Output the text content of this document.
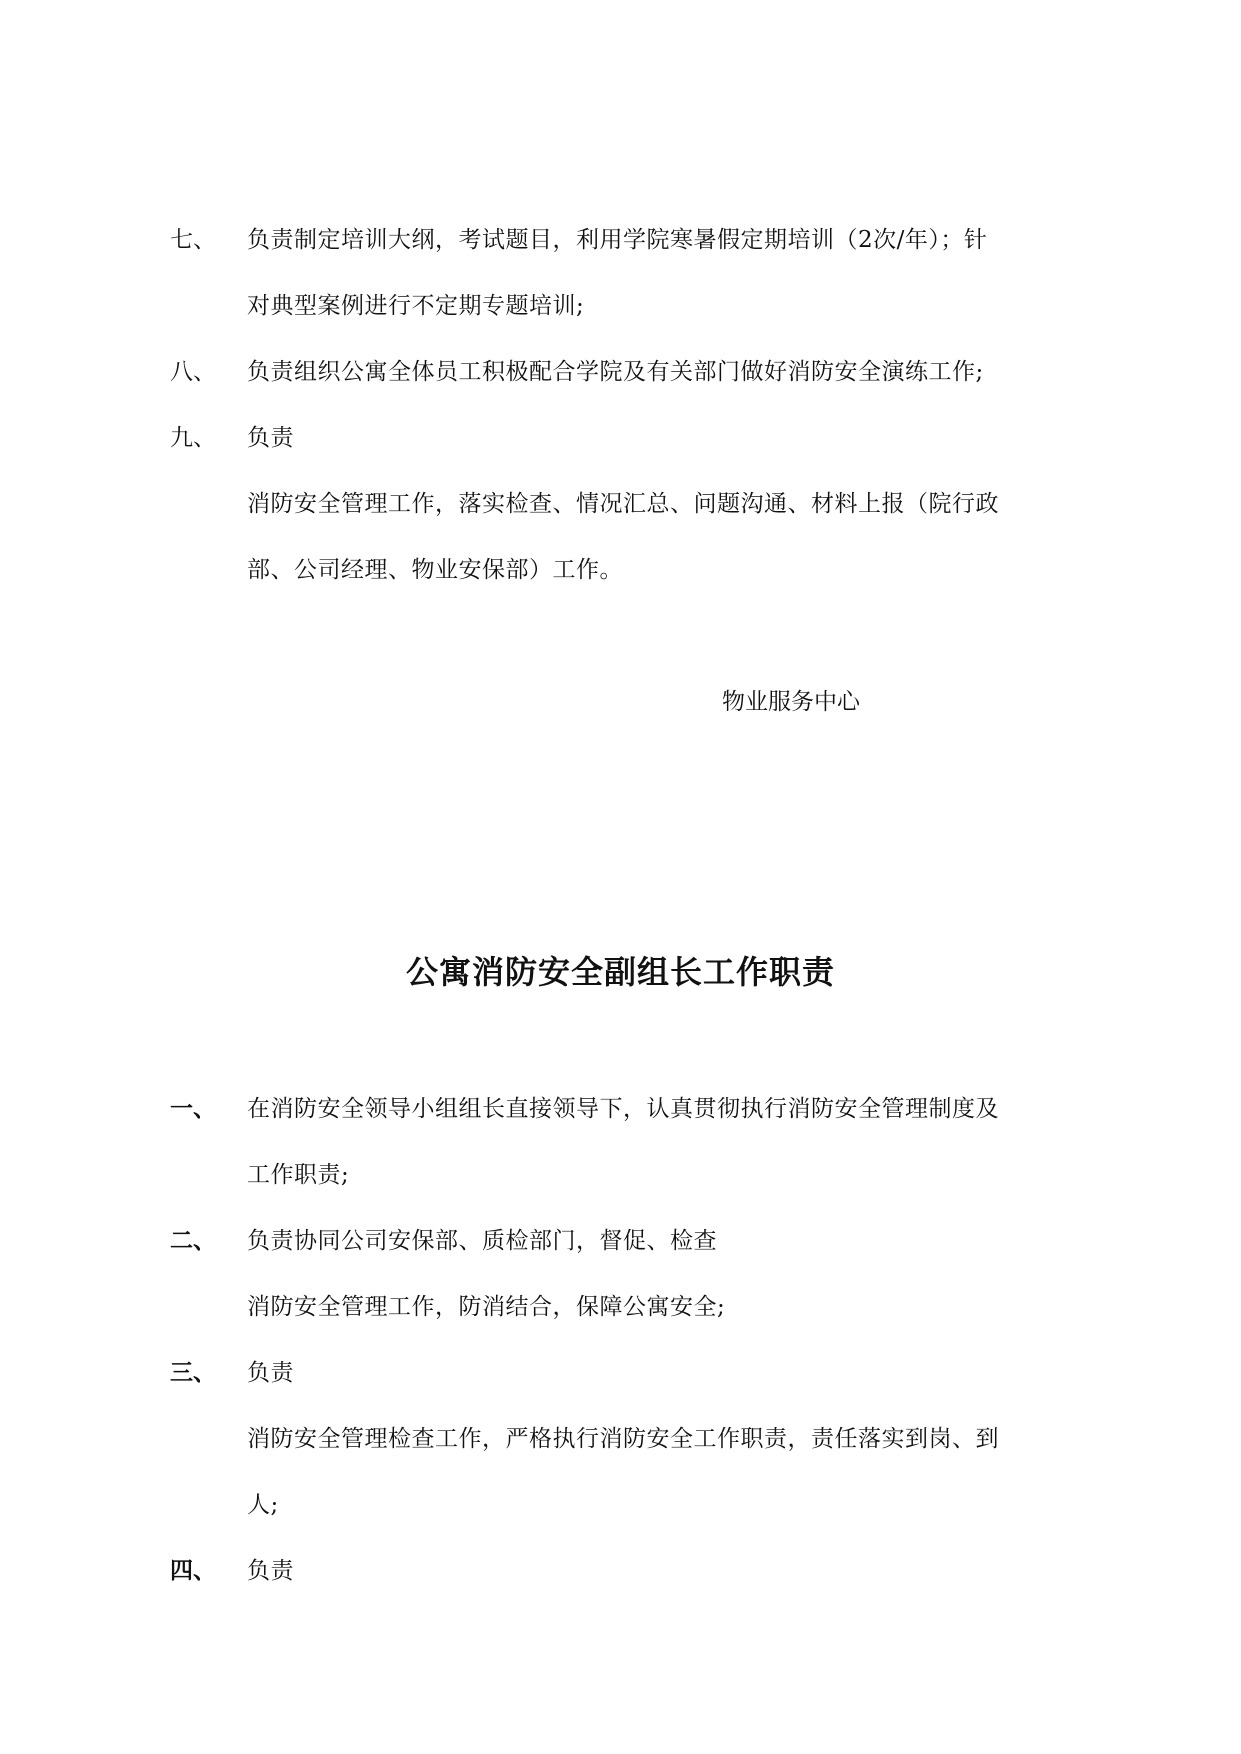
七、 负责制定培训大纲，考试题目，利用学院寒暑假定期培训（2次/年）；针
对典型案例进行不定期专题培训;
八、 负责组织公寓全体员工积极配合学院及有关部门做好消防安全演练工作;
九、 负责
消防安全管理工作，落实检查、情况汇总、问题沟通、材料上报（院行政
部、公司经理、物业安保部）工作。
物业服务中心
公寓消防安全副组长工作职责
一、 在消防安全领导小组组长直接领导下，认真贯彻执行消防安全管理制度及
工作职责;
二、 负责协同公司安保部、质检部门，督促、检查
消防安全管理工作，防消结合，保障公寓安全;
三、 负责
消防安全管理检查工作，严格执行消防安全工作职责，责任落实到岗、到
人;
四、 负责
